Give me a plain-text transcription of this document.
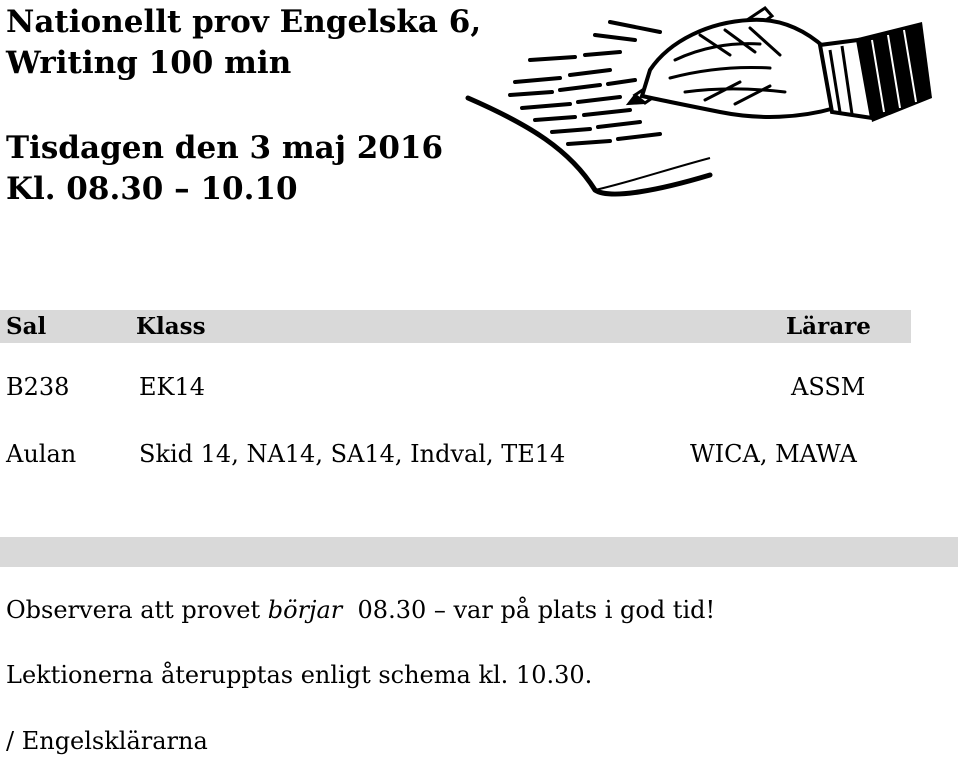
Nationellt prov Engelska 6,
Writing 100 min
Tisdagen den 3 maj 2016
Kl. 08.30 – 10.10
Sal	Klass	Lärare
B238	EK14	ASSM
Aulan	Skid 14, NA14, SA14, Indval, TE14	WICA, MAWA
Observera att provet börjar  08.30 – var på plats i god tid!
Lektionerna återupptas enligt schema kl. 10.30.
/ Engelsklärarna
